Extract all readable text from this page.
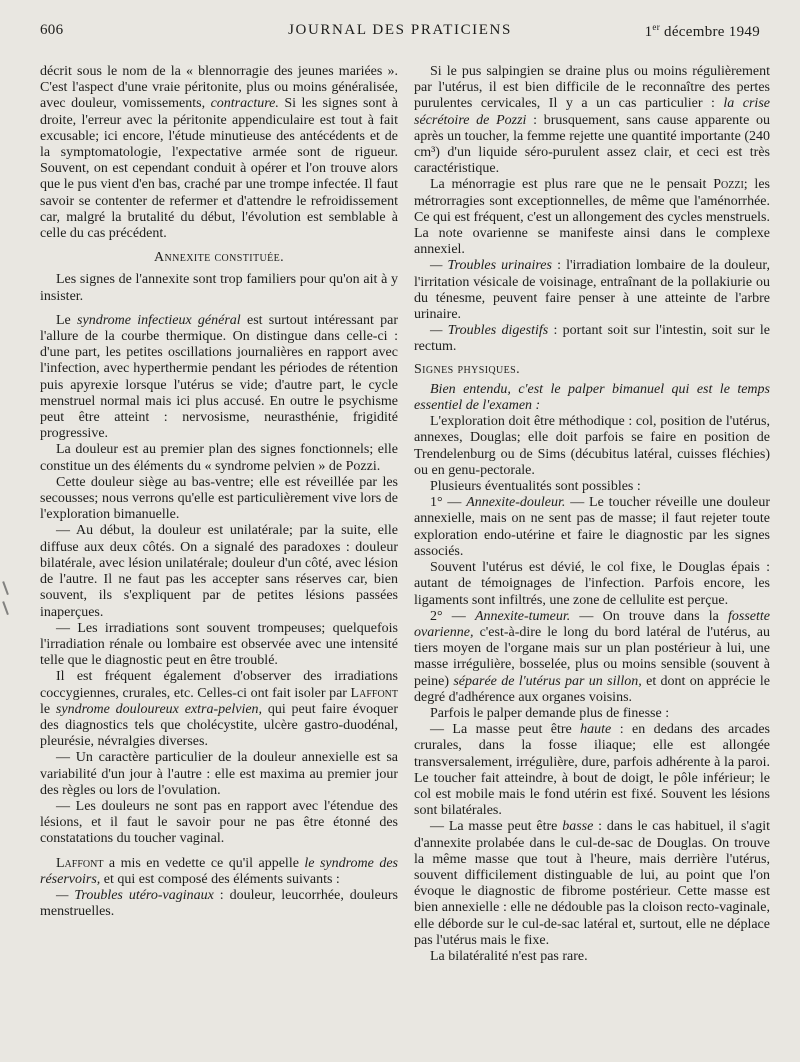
606	JOURNAL DES PRATICIENS	1er décembre 1949

décrit sous le nom de la « blennorragie des jeunes mariées ». C'est l'aspect d'une vraie péritonite, plus ou moins généralisée, avec douleur, vomissements, contracture. Si les signes sont à droite, l'erreur avec la péritonite appendiculaire est tout à fait excusable; ici encore, l'étude minutieuse des antécédents et de la symptomatologie, l'expectative armée sont de rigueur. Souvent, on est cependant conduit à opérer et l'on trouve alors que le pus vient d'en bas, craché par une trompe infectée. Il faut savoir se contenter de refermer et d'attendre le refroidissement car, malgré la brutalité du début, l'évolution est semblable à celle du cas précédent.

Annexite constituée.

Les signes de l'annexite sont trop familiers pour qu'on ait à y insister.

Le syndrome infectieux général est surtout intéressant par l'allure de la courbe thermique. On distingue dans celle-ci : d'une part, les petites oscillations journalières en rapport avec l'infection, avec hyperthermie pendant les périodes de rétention puis apyrexie lorsque l'utérus se vide; d'autre part, le cycle menstruel normal mais ici plus accusé. En outre le psychisme peut être atteint : nervosisme, neurasthénie, frigidité progressive.

La douleur est au premier plan des signes fonctionnels; elle constitue un des éléments du « syndrome pelvien » de Pozzi.

Cette douleur siège au bas-ventre; elle est réveillée par les secousses; nous verrons qu'elle est particulièrement vive lors de l'exploration bimanuelle.

— Au début, la douleur est unilatérale; par la suite, elle diffuse aux deux côtés. On a signalé des paradoxes : douleur bilatérale, avec lésion unilatérale; douleur d'un côté, avec lésion de l'autre. Il ne faut pas les accepter sans réserves car, bien souvent, ils s'expliquent par de petites lésions passées inaperçues.

— Les irradiations sont souvent trompeuses; quelquefois l'irradiation rénale ou lombaire est observée avec une intensité telle que le diagnostic peut en être troublé.

Il est fréquent également d'observer des irradiations coccygiennes, crurales, etc. Celles-ci ont fait isoler par Laffont le syndrome douloureux extra-pelvien, qui peut faire évoquer des diagnostics tels que cholécystite, ulcère gastro-duodénal, pleurésie, névralgies diverses.

— Un caractère particulier de la douleur annexielle est sa variabilité d'un jour à l'autre : elle est maxima au premier jour des règles ou lors de l'ovulation.

— Les douleurs ne sont pas en rapport avec l'étendue des lésions, et il faut le savoir pour ne pas être étonné des constatations du toucher vaginal.

Laffont a mis en vedette ce qu'il appelle le syndrome des réservoirs, et qui est composé des éléments suivants :

— Troubles utéro-vaginaux : douleur, leucorrhée, douleurs menstruelles.

Si le pus salpingien se draine plus ou moins régulièrement par l'utérus, il est bien difficile de le reconnaître des pertes purulentes cervicales, Il y a un cas particulier : la crise sécrétoire de Pozzi : brusquement, sans cause apparente ou après un toucher, la femme rejette une quantité importante (240 cm³) d'un liquide séro-purulent assez clair, et ceci est très caractéristique.

La ménorragie est plus rare que ne le pensait Pozzi; les métrorragies sont exceptionnelles, de même que l'aménorrhée. Ce qui est fréquent, c'est un allongement des cycles menstruels. La note ovarienne se manifeste ainsi dans le complexe annexiel.

— Troubles urinaires : l'irradiation lombaire de la douleur, l'irritation vésicale de voisinage, entraînant de la pollakiurie ou du ténesme, peuvent faire penser à une atteinte de l'arbre urinaire.

— Troubles digestifs : portant soit sur l'intestin, soit sur le rectum.

Signes physiques.

Bien entendu, c'est le palper bimanuel qui est le temps essentiel de l'examen :

L'exploration doit être méthodique : col, position de l'utérus, annexes, Douglas; elle doit parfois se faire en position de Trendelenburg ou de Sims (décubitus latéral, cuisses fléchies) ou en genu-pectorale.

Plusieurs éventualités sont possibles :

1° — Annexite-douleur. — Le toucher réveille une douleur annexielle, mais on ne sent pas de masse; il faut rejeter toute exploration endo-utérine et faire le diagnostic par les signes associés.

Souvent l'utérus est dévié, le col fixe, le Douglas épais : autant de témoignages de l'infection. Parfois encore, les ligaments sont infiltrés, une zone de cellulite est perçue.

2° — Annexite-tumeur. — On trouve dans la fossette ovarienne, c'est-à-dire le long du bord latéral de l'utérus, au tiers moyen de l'organe mais sur un plan postérieur à lui, une masse irrégulière, bosselée, plus ou moins sensible (souvent à peine) séparée de l'utérus par un sillon, et dont on apprécie le degré d'adhérence aux organes voisins.

Parfois le palper demande plus de finesse :

— La masse peut être haute : en dedans des arcades crurales, dans la fosse iliaque; elle est allongée transversalement, irrégulière, dure, parfois adhérente à la paroi. Le toucher fait atteindre, à bout de doigt, le pôle inférieur; le col est mobile mais le fond utérin est fixé. Souvent les lésions sont bilatérales.

— La masse peut être basse : dans le cas habituel, il s'agit d'annexite prolabée dans le cul-de-sac de Douglas. On trouve la même masse que tout à l'heure, mais derrière l'utérus, souvent difficilement distinguable de lui, au point que l'on évoque le diagnostic de fibrome postérieur. Cette masse est bien annexielle : elle ne dédouble pas la cloison recto-vaginale, elle déborde sur le cul-de-sac latéral et, surtout, elle ne déplace pas l'utérus mais le fixe.

La bilatéralité n'est pas rare.
